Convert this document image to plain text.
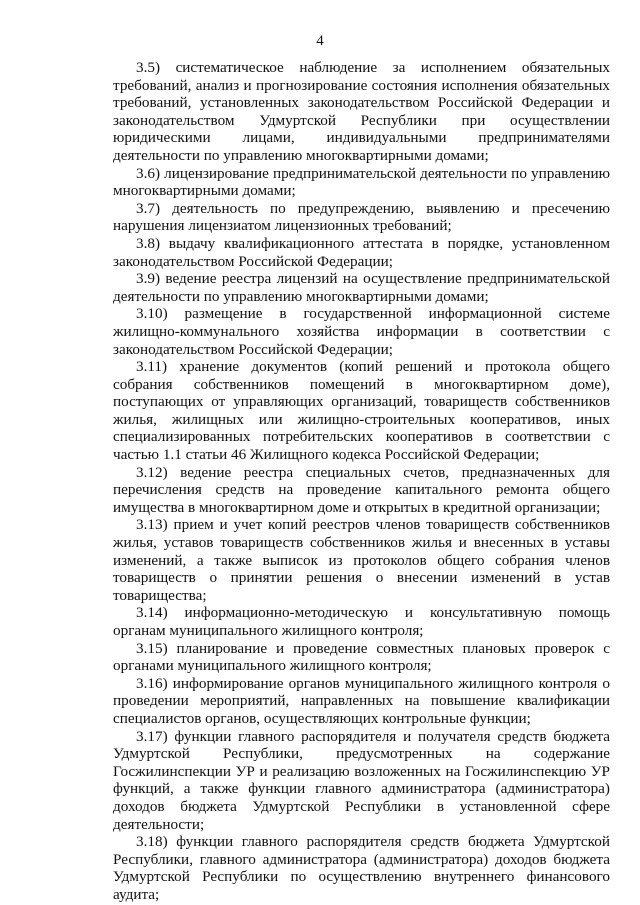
4

3.5) систематическое наблюдение за исполнением обязательных требований, анализ и прогнозирование состояния исполнения обязательных требований, установленных законодательством Российской Федерации и законодательством Удмуртской Республики при осуществлении юридическими лицами, индивидуальными предпринимателями деятельности по управлению многоквартирными домами;

3.6) лицензирование предпринимательской деятельности по управлению многоквартирными домами;

3.7) деятельность по предупреждению, выявлению и пресечению нарушения лицензиатом лицензионных требований;

3.8) выдачу квалификационного аттестата в порядке, установленном законодательством Российской Федерации;

3.9) ведение реестра лицензий на осуществление предпринимательской деятельности по управлению многоквартирными домами;

3.10) размещение в государственной информационной системе жилищно-коммунального хозяйства информации в соответствии с законодательством Российской Федерации;

3.11) хранение документов (копий решений и протокола общего собрания собственников помещений в многоквартирном доме), поступающих от управляющих организаций, товариществ собственников жилья, жилищных или жилищно-строительных кооперативов, иных специализированных потребительских кооперативов в соответствии с частью 1.1 статьи 46 Жилищного кодекса Российской Федерации;

3.12) ведение реестра специальных счетов, предназначенных для перечисления средств на проведение капитального ремонта общего имущества в многоквартирном доме и открытых в кредитной организации;

3.13) прием и учет копий реестров членов товариществ собственников жилья, уставов товариществ собственников жилья и внесенных в уставы изменений, а также выписок из протоколов общего собрания членов товариществ о принятии решения о внесении изменений в устав товарищества;

3.14) информационно-методическую и консультативную помощь органам муниципального жилищного контроля;

3.15) планирование и проведение совместных плановых проверок с органами муниципального жилищного контроля;

3.16) информирование органов муниципального жилищного контроля о проведении мероприятий, направленных на повышение квалификации специалистов органов, осуществляющих контрольные функции;

3.17) функции главного распорядителя и получателя средств бюджета Удмуртской Республики, предусмотренных на содержание Госжилинспекции УР и реализацию возложенных на Госжилинспекцию УР функций, а также функции главного администратора (администратора) доходов бюджета Удмуртской Республики в установленной сфере деятельности;

3.18) функции главного распорядителя средств бюджета Удмуртской Республики, главного администратора (администратора) доходов бюджета Удмуртской Республики по осуществлению внутреннего финансового аудита;
